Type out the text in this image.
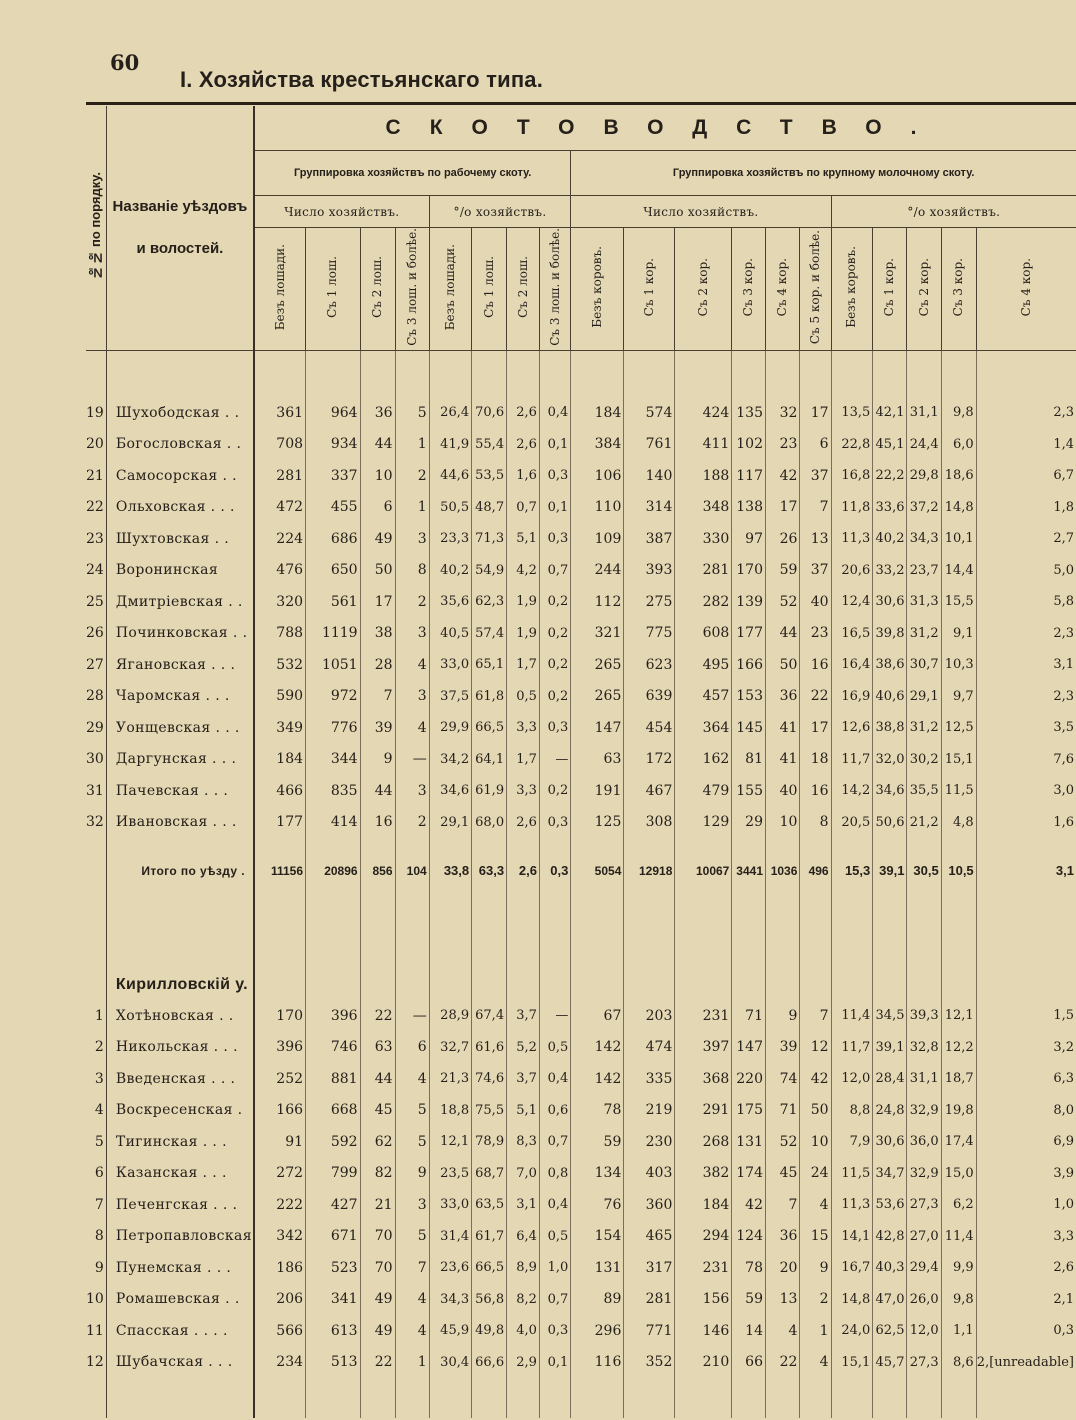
60
I. Хозяйства крестьянскаго типа.
№№ по порядку.	Названіе уѣздовъ
и волостей.	СКОТОВОДСТВО.																		
		Группировка хозяйствъ по рабочему скоту.								Группировка хозяйствъ по крупному молочному скоту.										
		Число хозяйствъ.				°/o хозяйствъ.				Число хозяйствъ.						°/o хозяйствъ.				
		Безъ лошади.	Съ 1 лош.	Съ 2 лош.	Съ 3 лош. и болѣе.	Безъ лошади.	Съ 1 лош.	Съ 2 лош.	Съ 3 лош. и болѣе.	Безъ коровъ.	Съ 1 кор.	Съ 2 кор.	Съ 3 кор.	Съ 4 кор.	Съ 5 кор. и болѣе.	Безъ коровъ.	Съ 1 кор.	Съ 2 кор.	Съ 3 кор.	Съ 4 кор.

19	Шухободская . .	361	964	36	5	26,4	70,6	2,6	0,4	184	574	424	135	32	17	13,5	42,1	31,1	9,8	2,3
20	Богословская . .	708	934	44	1	41,9	55,4	2,6	0,1	384	761	411	102	23	6	22,8	45,1	24,4	6,0	1,4
21	Самосорская . .	281	337	10	2	44,6	53,5	1,6	0,3	106	140	188	117	42	37	16,8	22,2	29,8	18,6	6,7
22	Ольховская . . .	472	455	6	1	50,5	48,7	0,7	0,1	110	314	348	138	17	7	11,8	33,6	37,2	14,8	1,8
23	Шухтовская . .	224	686	49	3	23,3	71,3	5,1	0,3	109	387	330	97	26	13	11,3	40,2	34,3	10,1	2,7
24	Воронинская	476	650	50	8	40,2	54,9	4,2	0,7	244	393	281	170	59	37	20,6	33,2	23,7	14,4	5,0
25	Дмитріевская . .	320	561	17	2	35,6	62,3	1,9	0,2	112	275	282	139	52	40	12,4	30,6	31,3	15,5	5,8
26	Починковская . .	788	1119	38	3	40,5	57,4	1,9	0,2	321	775	608	177	44	23	16,5	39,8	31,2	9,1	2,3
27	Ягановская . . .	532	1051	28	4	33,0	65,1	1,7	0,2	265	623	495	166	50	16	16,4	38,6	30,7	10,3	3,1
28	Чаромская . . .	590	972	7	3	37,5	61,8	0,5	0,2	265	639	457	153	36	22	16,9	40,6	29,1	9,7	2,3
29	Уонщевская . . .	349	776	39	4	29,9	66,5	3,3	0,3	147	454	364	145	41	17	12,6	38,8	31,2	12,5	3,5
30	Даргунская . . .	184	344	9	—	34,2	64,1	1,7	—	63	172	162	81	41	18	11,7	32,0	30,2	15,1	7,6
31	Пачевская . . .	466	835	44	3	34,6	61,9	3,3	0,2	191	467	479	155	40	16	14,2	34,6	35,5	11,5	3,0
32	Ивановская . . .	177	414	16	2	29,1	68,0	2,6	0,3	125	308	129	29	10	8	20,5	50,6	21,2	4,8	1,6
	Итого по уѣзду .	11156	20896	856	104	33,8	63,3	2,6	0,3	5054	12918	10067	3441	1036	496	15,3	39,1	30,5	10,5	3,1

	Кирилловскій у.																			
1	Хотѣновская . .	170	396	22	—	28,9	67,4	3,7	—	67	203	231	71	9	7	11,4	34,5	39,3	12,1	1,5
2	Никольская . . .	396	746	63	6	32,7	61,6	5,2	0,5	142	474	397	147	39	12	11,7	39,1	32,8	12,2	3,2
3	Введенская . . .	252	881	44	4	21,3	74,6	3,7	0,4	142	335	368	220	74	42	12,0	28,4	31,1	18,7	6,3
4	Воскресенская .	166	668	45	5	18,8	75,5	5,1	0,6	78	219	291	175	71	50	8,8	24,8	32,9	19,8	8,0
5	Тигинская . . .	91	592	62	5	12,1	78,9	8,3	0,7	59	230	268	131	52	10	7,9	30,6	36,0	17,4	6,9
6	Казанская . . .	272	799	82	9	23,5	68,7	7,0	0,8	134	403	382	174	45	24	11,5	34,7	32,9	15,0	3,9
7	Печенгская . . .	222	427	21	3	33,0	63,5	3,1	0,4	76	360	184	42	7	4	11,3	53,6	27,3	6,2	1,0
8	Петропавловская	342	671	70	5	31,4	61,7	6,4	0,5	154	465	294	124	36	15	14,1	42,8	27,0	11,4	3,3
9	Пунемская . . .	186	523	70	7	23,6	66,5	8,9	1,0	131	317	231	78	20	9	16,7	40,3	29,4	9,9	2,6
10	Ромашевская . .	206	341	49	4	34,3	56,8	8,2	0,7	89	281	156	59	13	2	14,8	47,0	26,0	9,8	2,1
11	Спасская . . . .	566	613	49	4	45,9	49,8	4,0	0,3	296	771	146	14	4	1	24,0	62,5	12,0	1,1	0,3
12	Шубачская . . .	234	513	22	1	30,4	66,6	2,9	0,1	116	352	210	66	22	4	15,1	45,7	27,3	8,6	2,[unreadable]
